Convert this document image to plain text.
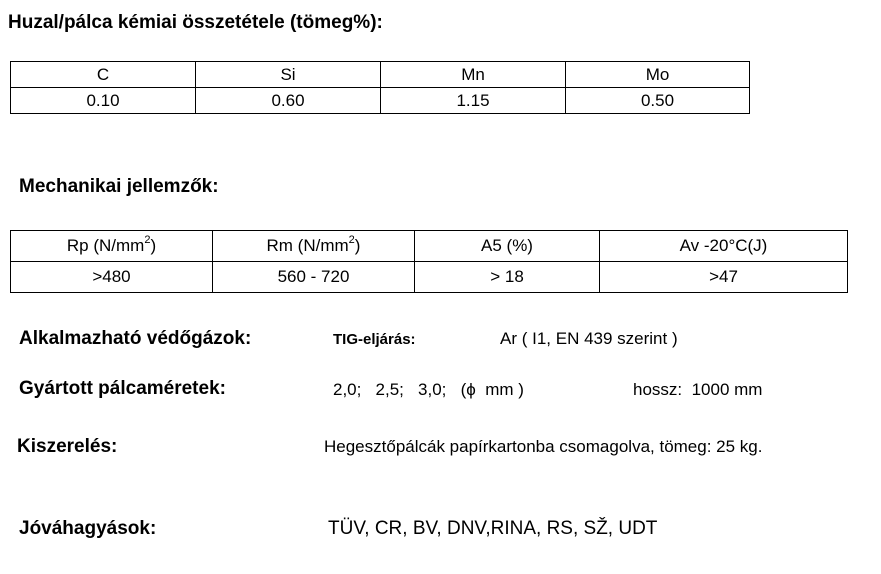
Huzal/pálca kémiai összetétele (tömeg%):
C	Si	Mn	Mo
0.10	0.60	1.15	0.50
Mechanikai jellemzők:
Rp $(N/mm^2)$	Rm $(N/mm^2)$	A5 (%)	Av -20°C(J)
>480	560 - 720	> 18	>47
Alkalmazható védőgázok:	TIG-eljárás:	Ar ( I1, EN 439 szerint )
Gyártott pálcaméretek:	2,0;   2,5;   3,0;   (ϕ  mm )	hossz:  1000 mm
Kiszerelés:	Hegesztőpálcák papírkartonba csomagolva, tömeg: 25 kg.
Jóváhagyások:	TÜV, CR, BV, DNV,RINA, RS, SŽ, UDT
